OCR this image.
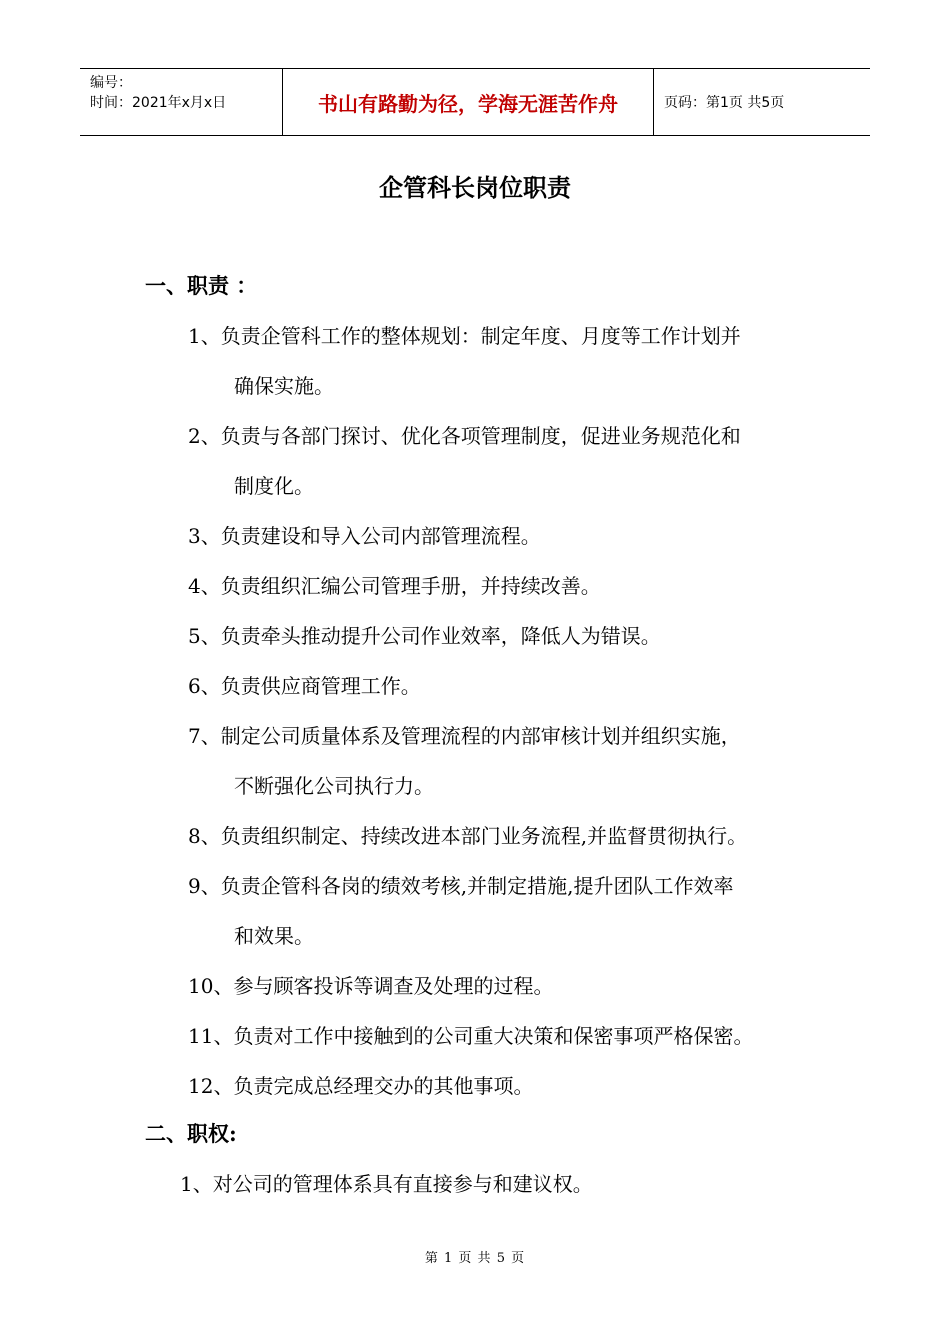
编号：
时间：2021年x月x日	书山有路勤为径，学海无涯苦作舟	页码：第1页 共5页
企管科长岗位职责
一、职责 ：
1、负责企管科工作的整体规划：制定年度、月度等工作计划并
确保实施。
2、负责与各部门探讨、优化各项管理制度，促进业务规范化和
制度化。
3、负责建设和导入公司内部管理流程。
4、负责组织汇编公司管理手册，并持续改善。
5、负责牵头推动提升公司作业效率，降低人为错误。
6、负责供应商管理工作。
7、制定公司质量体系及管理流程的内部审核计划并组织实施，
不断强化公司执行力。
8、负责组织制定、持续改进本部门业务流程,并监督贯彻执行。
9、负责企管科各岗的绩效考核,并制定措施,提升团队工作效率
和效果。
10、参与顾客投诉等调查及处理的过程。
11、负责对工作中接触到的公司重大决策和保密事项严格保密。
12、负责完成总经理交办的其他事项。
二、职权:
1、对公司的管理体系具有直接参与和建议权。
第 1 页 共 5 页
